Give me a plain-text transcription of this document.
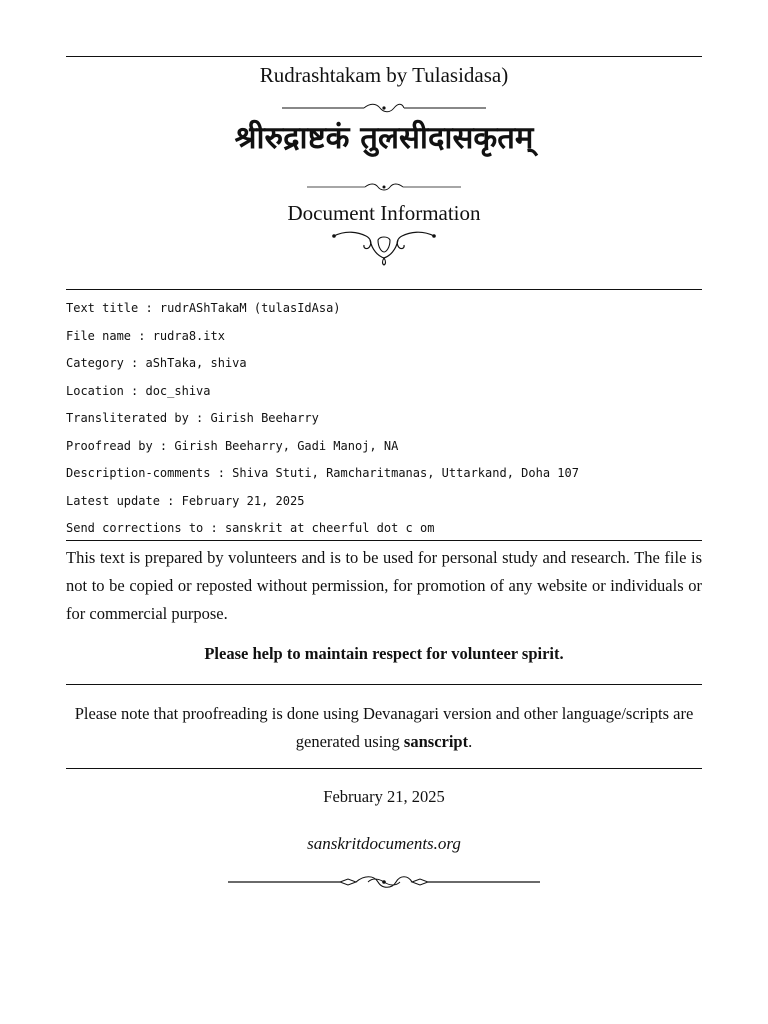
Rudrashtakam by Tulasidasa)
श्रीरुद्राष्टकं तुलसीदासकृतम्
Document Information
Text title : rudrAShTakaM (tulasIdAsa)
File name : rudra8.itx
Category : aShTaka, shiva
Location : doc_shiva
Transliterated by : Girish Beeharry
Proofread by : Girish Beeharry, Gadi Manoj, NA
Description-comments : Shiva Stuti, Ramcharitmanas, Uttarkand, Doha 107
Latest update : February 21, 2025
Send corrections to : sanskrit at cheerful dot c om

This text is prepared by volunteers and is to be used for personal study and research. The file is not to be copied or reposted without permission, for promotion of any website or individuals or for commercial purpose.

Please help to maintain respect for volunteer spirit.
Please note that proofreading is done using Devanagari version and other language/scripts are generated using sanscript.
February 21, 2025
sanskritdocuments.org
